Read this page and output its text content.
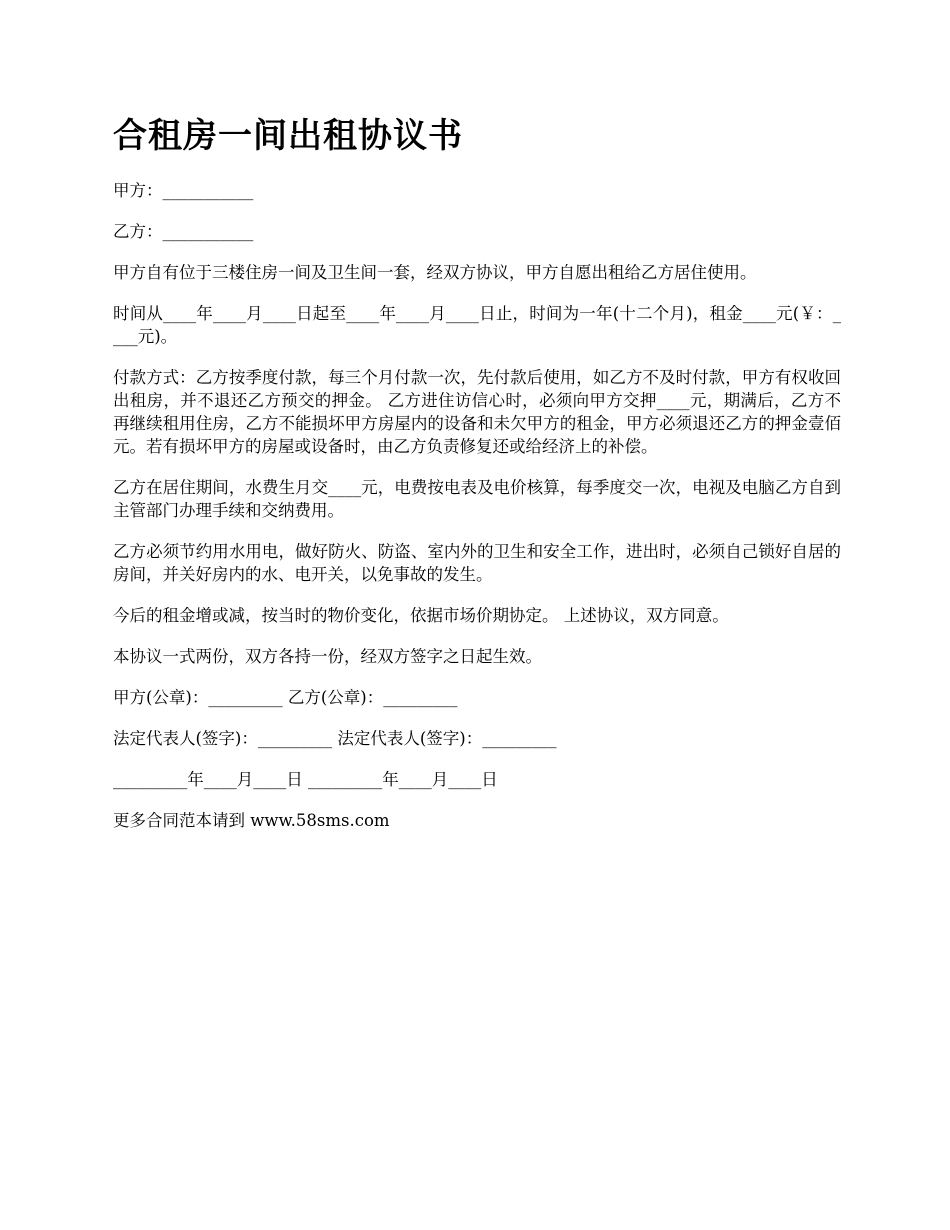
合租房一间出租协议书

甲方：___________

乙方：___________

甲方自有位于三楼住房一间及卫生间一套，经双方协议，甲方自愿出租给乙方居住使用。

时间从____年____月____日起至____年____月____日止，时间为一年(十二个月)，租金____元(￥：____元)。

付款方式：乙方按季度付款，每三个月付款一次，先付款后使用，如乙方不及时付款，甲方有权收回出租房，并不退还乙方预交的押金。 乙方进住访信心时，必须向甲方交押____元，期满后，乙方不再继续租用住房，乙方不能损坏甲方房屋内的设备和未欠甲方的租金，甲方必须退还乙方的押金壹佰元。若有损坏甲方的房屋或设备时，由乙方负责修复还或给经济上的补偿。

乙方在居住期间，水费生月交____元，电费按电表及电价核算，每季度交一次，电视及电脑乙方自到主管部门办理手续和交纳费用。

乙方必须节约用水用电，做好防火、防盗、室内外的卫生和安全工作，进出时，必须自己锁好自居的房间，并关好房内的水、电开关，以免事故的发生。

今后的租金增或减，按当时的物价变化，依据市场价期协定。 上述协议，双方同意。

本协议一式两份，双方各持一份，经双方签字之日起生效。

甲方(公章)：_________ 乙方(公章)：_________

法定代表人(签字)：_________ 法定代表人(签字)：_________

_________年____月____日 _________年____月____日

更多合同范本请到 www.58sms.com
